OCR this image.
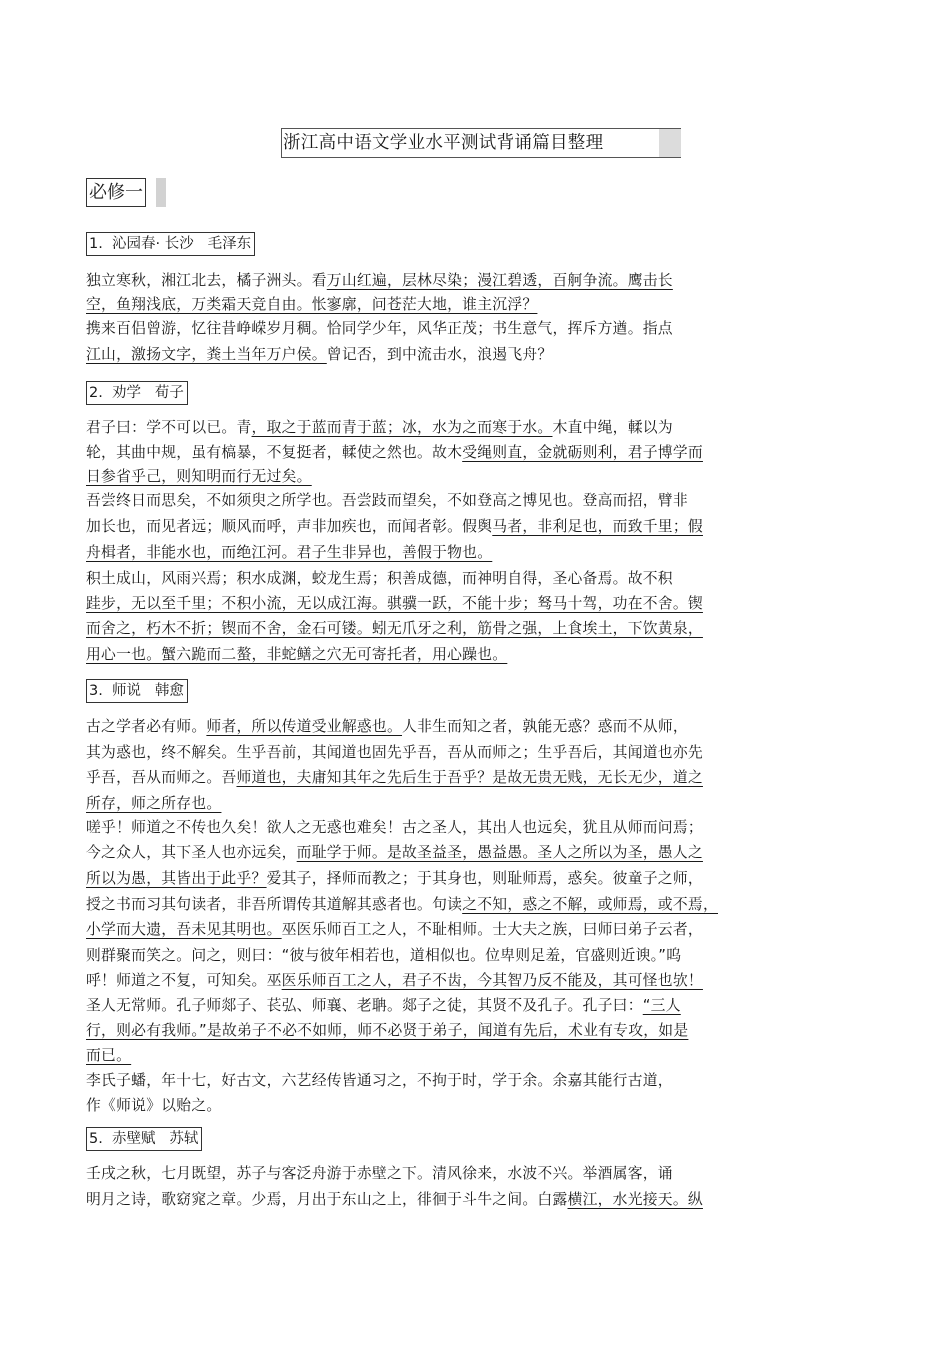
浙江高中语文学业水平测试背诵篇目整理
必修一
1.  沁园春· 长沙   毛泽东
独立寒秋，湘江北去，橘子洲头。看万山红遍，层林尽染；漫江碧透，百舸争流。鹰击长
空，鱼翔浅底，万类霜天竞自由。怅寥廓，问苍茫大地，谁主沉浮？
携来百侣曾游，忆往昔峥嵘岁月稠。恰同学少年，风华正茂；书生意气，挥斥方遒。指点
江山，激扬文字，粪土当年万户侯。曾记否，到中流击水，浪遏飞舟？
2.  劝学   荀子
君子曰：学不可以已。青，取之于蓝而青于蓝；冰，水为之而寒于水。木直中绳，輮以为
轮，其曲中规，虽有槁暴，不复挺者，輮使之然也。故木受绳则直，金就砺则利，君子博学而
日参省乎己，则知明而行无过矣。
吾尝终日而思矣，不如须臾之所学也。吾尝跂而望矣，不如登高之博见也。登高而招，臂非
加长也，而见者远；顺风而呼，声非加疾也，而闻者彰。假舆马者，非利足也，而致千里；假
舟楫者，非能水也，而绝江河。君子生非异也，善假于物也。
积土成山，风雨兴焉；积水成渊，蛟龙生焉；积善成德，而神明自得，圣心备焉。故不积
跬步，无以至千里；不积小流，无以成江海。骐骥一跃，不能十步；驽马十驾，功在不舍。锲
而舍之，朽木不折；锲而不舍，金石可镂。蚓无爪牙之利，筋骨之强，上食埃土，下饮黄泉，
用心一也。蟹六跪而二螯，非蛇鳝之穴无可寄托者，用心躁也。
3.  师说   韩愈
古之学者必有师。师者，所以传道受业解惑也。人非生而知之者，孰能无惑？惑而不从师，
其为惑也，终不解矣。生乎吾前，其闻道也固先乎吾，吾从而师之；生乎吾后，其闻道也亦先
乎吾，吾从而师之。吾师道也，夫庸知其年之先后生于吾乎？是故无贵无贱，无长无少，道之
所存，师之所存也。
嗟乎！师道之不传也久矣！欲人之无惑也难矣！古之圣人，其出人也远矣，犹且从师而问焉；
今之众人，其下圣人也亦远矣，而耻学于师。是故圣益圣，愚益愚。圣人之所以为圣，愚人之
所以为愚，其皆出于此乎？爱其子，择师而教之；于其身也，则耻师焉，惑矣。彼童子之师，
授之书而习其句读者，非吾所谓传其道解其惑者也。句读之不知，惑之不解，或师焉，或不焉，
小学而大遗，吾未见其明也。巫医乐师百工之人，不耻相师。士大夫之族，曰师曰弟子云者，
则群聚而笑之。问之，则曰：“彼与彼年相若也，道相似也。位卑则足羞，官盛则近谀。”呜
呼！师道之不复，可知矣。巫医乐师百工之人，君子不齿，今其智乃反不能及，其可怪也欤！
圣人无常师。孔子师郯子、苌弘、师襄、老聃。郯子之徒，其贤不及孔子。孔子曰：“三人
行，则必有我师。”是故弟子不必不如师，师不必贤于弟子，闻道有先后，术业有专攻，如是
而已。
李氏子蟠，年十七，好古文，六艺经传皆通习之，不拘于时，学于余。余嘉其能行古道，
作《师说》以贻之。
5.  赤壁赋   苏轼
壬戌之秋，七月既望，苏子与客泛舟游于赤壁之下。清风徐来，水波不兴。举酒属客，诵
明月之诗，歌窈窕之章。少焉，月出于东山之上，徘徊于斗牛之间。白露横江，水光接天。纵
